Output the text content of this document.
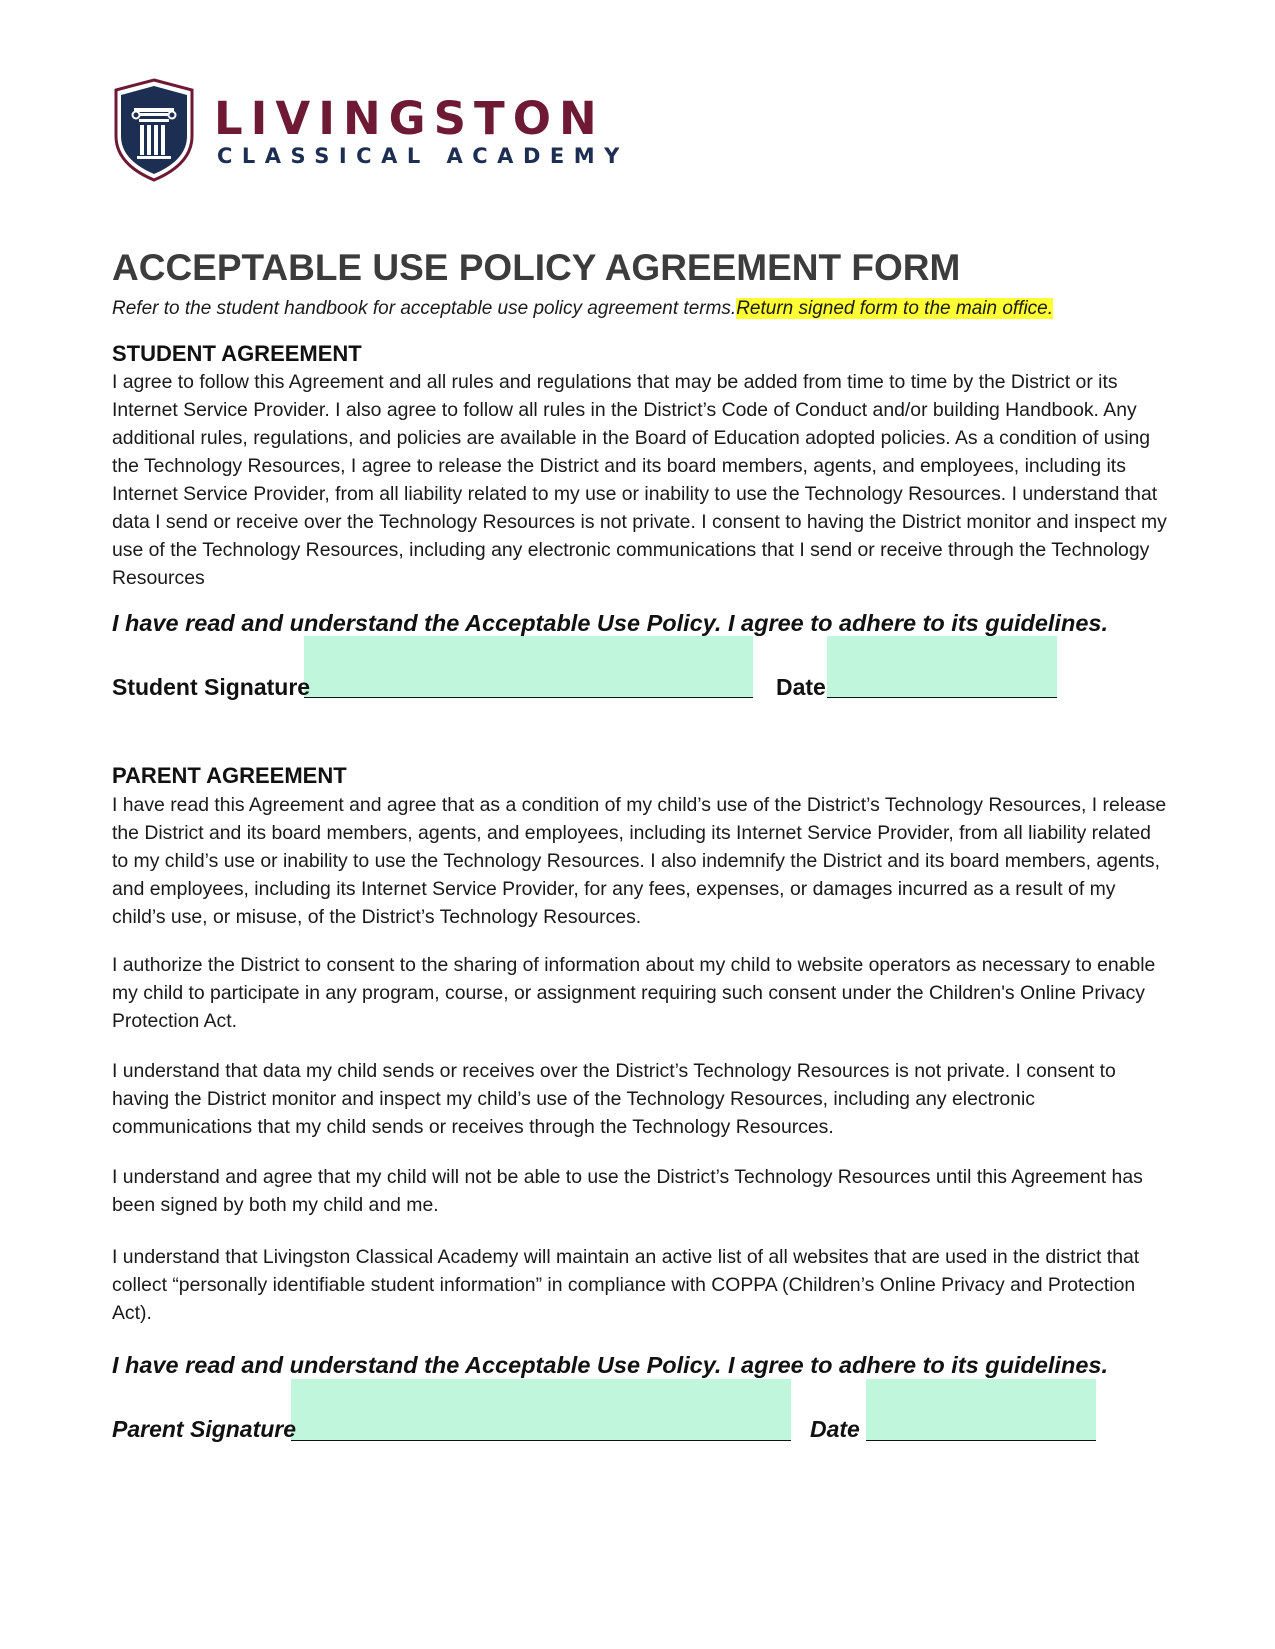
LIVINGSTON
CLASSICAL ACADEMY
ACCEPTABLE USE POLICY AGREEMENT FORM
Refer to the student handbook for acceptable use policy agreement terms.Return signed form to the main office.
STUDENT AGREEMENT

I agree to follow this Agreement and all rules and regulations that may be added from time to time by the District or its Internet Service Provider. I also agree to follow all rules in the District’s Code of Conduct and/or building Handbook. Any additional rules, regulations, and policies are available in the Board of Education adopted policies. As a condition of using the Technology Resources, I agree to release the District and its board members, agents, and employees, including its Internet Service Provider, from all liability related to my use or inability to use the Technology Resources. I understand that data I send or receive over the Technology Resources is not private. I consent to having the District monitor and inspect my use of the Technology Resources, including any electronic communications that I send or receive through the Technology Resources

I have read and understand the Acceptable Use Policy. I agree to adhere to its guidelines.
Student Signature	Date
PARENT AGREEMENT

I have read this Agreement and agree that as a condition of my child’s use of the District’s Technology Resources, I release the District and its board members, agents, and employees, including its Internet Service Provider, from all liability related to my child’s use or inability to use the Technology Resources. I also indemnify the District and its board members, agents, and employees, including its Internet Service Provider, for any fees, expenses, or damages incurred as a result of my child’s use, or misuse, of the District’s Technology Resources.

I authorize the District to consent to the sharing of information about my child to website operators as necessary to enable my child to participate in any program, course, or assignment requiring such consent under the Children's Online Privacy Protection Act.

I understand that data my child sends or receives over the District’s Technology Resources is not private. I consent to having the District monitor and inspect my child’s use of the Technology Resources, including any electronic communications that my child sends or receives through the Technology Resources.

I understand and agree that my child will not be able to use the District’s Technology Resources until this Agreement has been signed by both my child and me.

I understand that Livingston Classical Academy will maintain an active list of all websites that are used in the district that collect “personally identifiable student information” in compliance with COPPA (Children’s Online Privacy and Protection Act).

I have read and understand the Acceptable Use Policy. I agree to adhere to its guidelines.
Parent Signature	Date
